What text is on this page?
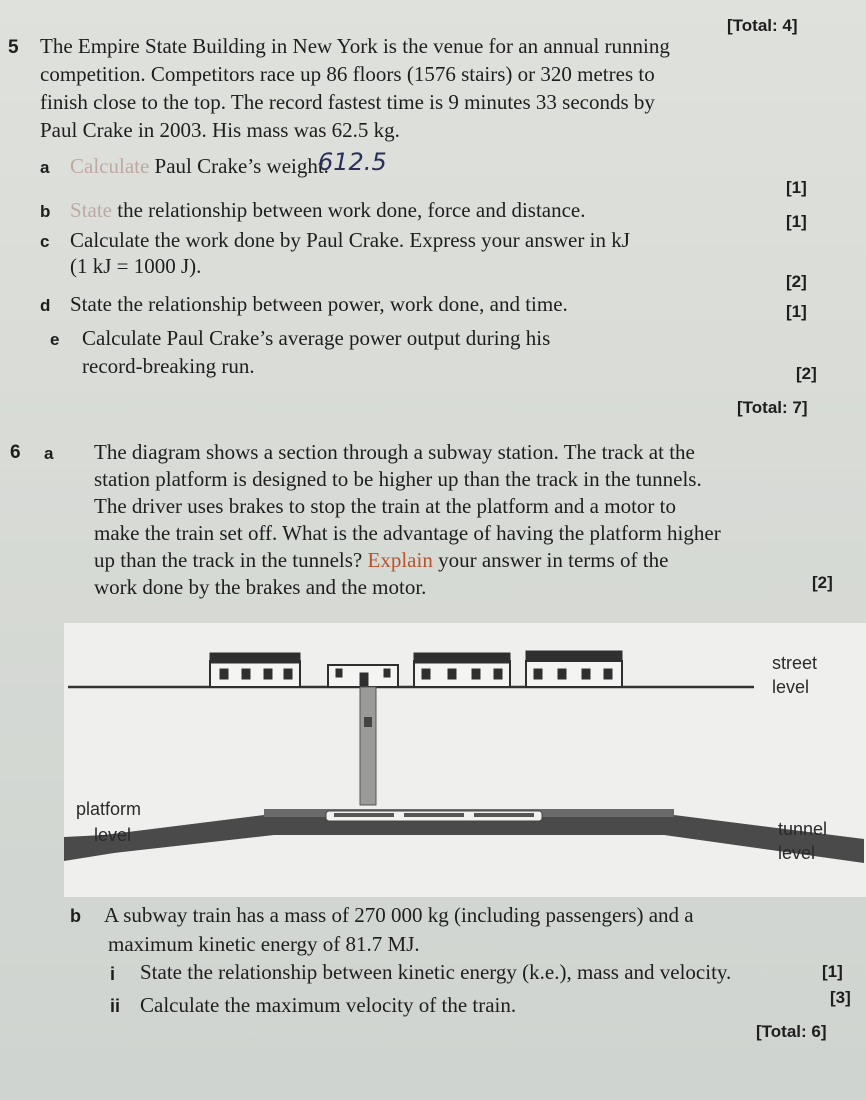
[Total: 4]
5 The Empire State Building in New York is the venue for an annual running
competition. Competitors race up 86 floors (1576 stairs) or 320 metres to
finish close to the top. The record fastest time is 9 minutes 33 seconds by
Paul Crake in 2003. His mass was 62.5 kg.
a Calculate Paul Crake’s weight.
612.5
[1]
b State the relationship between work done, force and distance.	[1]
c Calculate the work done by Paul Crake. Express your answer in kJ
(1 kJ = 1000 J).
[2]
d State the relationship between power, work done, and time.	[1]
e Calculate Paul Crake’s average power output during his
record-breaking run.	[2]
[Total: 7]
6 a The diagram shows a section through a subway station. The track at the
station platform is designed to be higher up than the track in the tunnels.
The driver uses brakes to stop the train at the platform and a motor to
make the train set off. What is the advantage of having the platform higher
up than the track in the tunnels? Explain your answer in terms of the
work done by the brakes and the motor.	[2]
street
level
platform
level	tunnel
level
b A subway train has a mass of 270 000 kg (including passengers) and a
maximum kinetic energy of 81.7 MJ.
i State the relationship between kinetic energy (k.e.), mass and velocity.	[1]
ii Calculate the maximum velocity of the train.	[3]
[Total: 6]
